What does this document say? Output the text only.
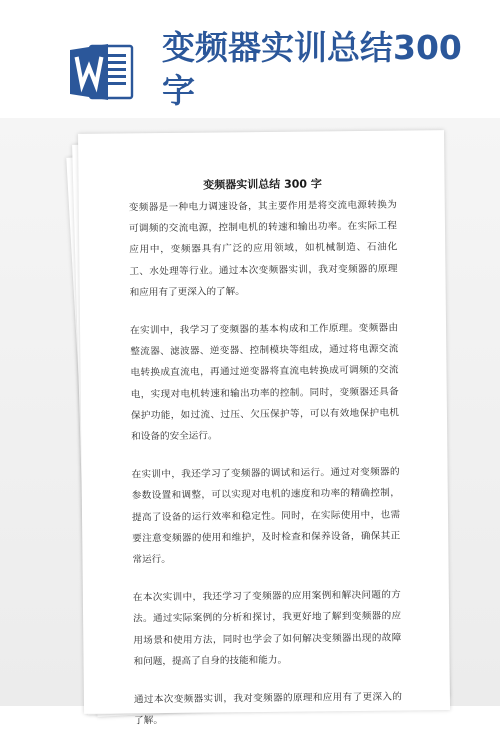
变频器实训总结300字

变频器实训总结 300 字

变频器是一种电力调速设备，其主要作用是将交流电源转换为可调频的交流电源，控制电机的转速和输出功率。在实际工程应用中，变频器具有广泛的应用领域，如机械制造、石油化工、水处理等行业。通过本次变频器实训，我对变频器的原理和应用有了更深入的了解。

在实训中，我学习了变频器的基本构成和工作原理。变频器由整流器、滤波器、逆变器、控制模块等组成，通过将电源交流电转换成直流电，再通过逆变器将直流电转换成可调频的交流电，实现对电机转速和输出功率的控制。同时，变频器还具备保护功能，如过流、过压、欠压保护等，可以有效地保护电机和设备的安全运行。

在实训中，我还学习了变频器的调试和运行。通过对变频器的参数设置和调整，可以实现对电机的速度和功率的精确控制，提高了设备的运行效率和稳定性。同时，在实际使用中，也需要注意变频器的使用和维护，及时检查和保养设备，确保其正常运行。

在本次实训中，我还学习了变频器的应用案例和解决问题的方法。通过实际案例的分析和探讨，我更好地了解到变频器的应用场景和使用方法，同时也学会了如何解决变频器出现的故障和问题，提高了自身的技能和能力。

通过本次变频器实训，我对变频器的原理和应用有了更深入的了解。
